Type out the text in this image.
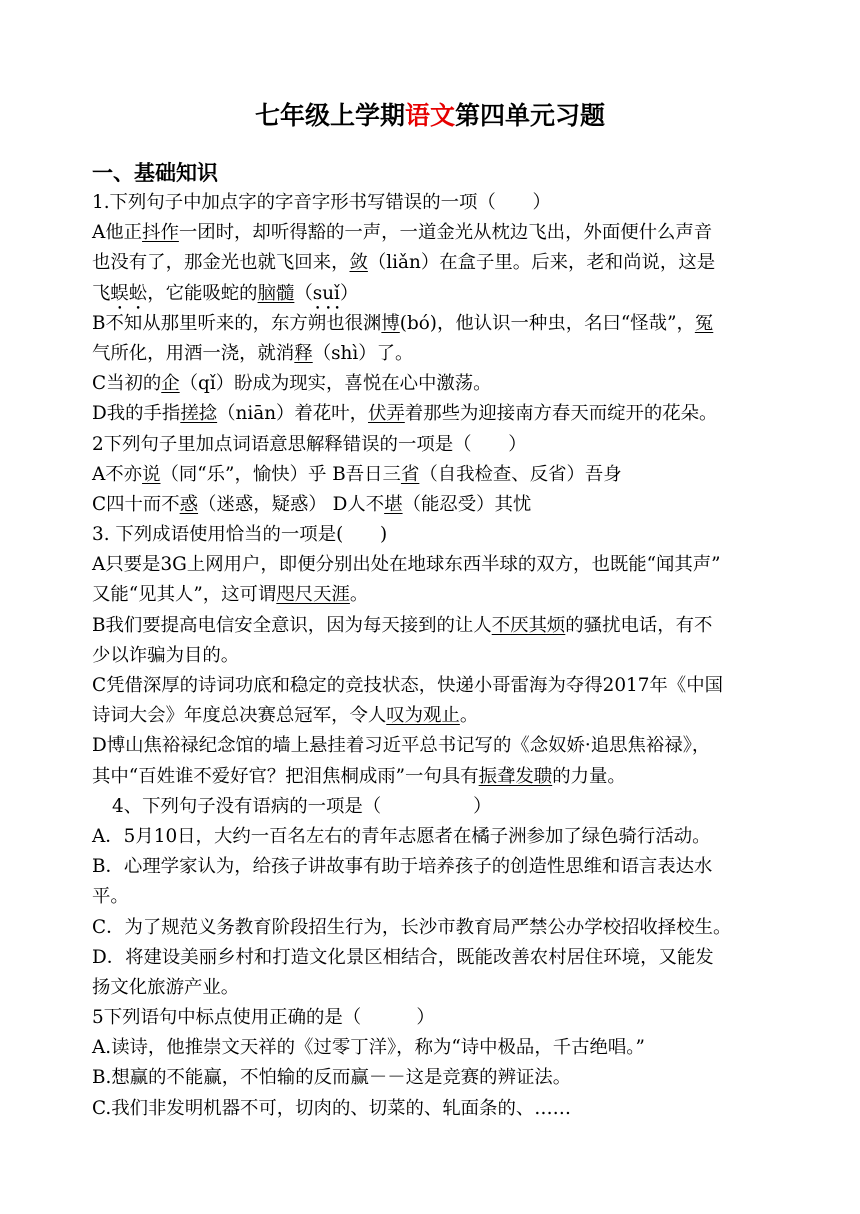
七年级上学期语文第四单元习题
一、基础知识
1.下列句子中加点字的字音字形书写错误的一项（　　）
A他正抖作一团时，却听得豁的一声，一道金光从枕边飞出，外面便什么声音
也没有了，那金光也就飞回来，敛（liǎn）在盒子里。后来，老和尚说，这是
飞蜈蚣，它能吸蛇的脑髓（suǐ）
B不知从那里听来的，东方朔也很渊博(bó)，他认识一种虫，名曰“怪哉”，冤
气所化，用酒一浇，就消释（shì）了。
C当初的企（qǐ）盼成为现实，喜悦在心中激荡。
D我的手指搓捻（niān）着花叶，伏弄着那些为迎接南方春天而绽开的花朵。
2下列句子里加点词语意思解释错误的一项是（　　）
A不亦说（同“乐”，愉快）乎 B吾日三省（自我检查、反省）吾身
C四十而不惑（迷惑，疑惑） D人不堪（能忍受）其忧
3. 下列成语使用恰当的一项是(　　)
A只要是3G上网用户，即便分别出处在地球东西半球的双方，也既能“闻其声”
又能“见其人”，这可谓咫尺天涯。
B我们要提高电信安全意识，因为每天接到的让人不厌其烦的骚扰电话，有不
少以诈骗为目的。
C凭借深厚的诗词功底和稳定的竞技状态，快递小哥雷海为夺得2017年《中国
诗词大会》年度总决赛总冠军，令人叹为观止。
D博山焦裕禄纪念馆的墙上悬挂着习近平总书记写的《念奴娇·追思焦裕禄》，
其中“百姓谁不爱好官？把泪焦桐成雨”一句具有振聋发聩的力量。
4、下列句子没有语病的一项是（　　　　　）
A．5月10日，大约一百名左右的青年志愿者在橘子洲参加了绿色骑行活动。
B．心理学家认为，给孩子讲故事有助于培养孩子的创造性思维和语言表达水
平。
C．为了规范义务教育阶段招生行为，长沙市教育局严禁公办学校招收择校生。
D．将建设美丽乡村和打造文化景区相结合，既能改善农村居住环境，又能发
扬文化旅游产业。
5下列语句中标点使用正确的是（　　　）
A.读诗，他推崇文天祥的《过零丁洋》，称为“诗中极品，千古绝唱。”
B.想赢的不能赢，不怕输的反而赢－－这是竞赛的辨证法。
C.我们非发明机器不可，切肉的、切菜的、轧面条的、……
